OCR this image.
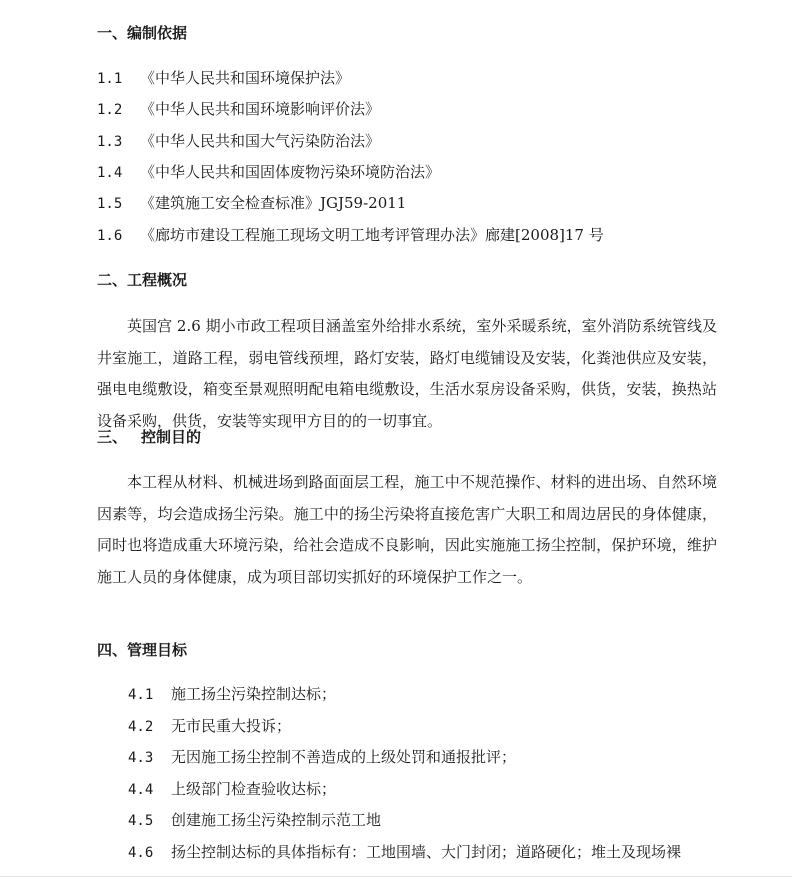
一、编制依据
1.1 《中华人民共和国环境保护法》
1.2 《中华人民共和国环境影响评价法》
1.3 《中华人民共和国大气污染防治法》
1.4 《中华人民共和国固体废物污染环境防治法》
1.5 《建筑施工安全检查标准》JGJ59-2011
1.6 《廊坊市建设工程施工现场文明工地考评管理办法》廊建[2008]17 号
二、工程概况

英国宫 2.6 期小市政工程项目涵盖室外给排水系统，室外采暖系统，室外消防系统管线及井室施工，道路工程，弱电管线预埋，路灯安装，路灯电缆铺设及安装，化粪池供应及安装，强电电缆敷设，箱变至景观照明配电箱电缆敷设，生活水泵房设备采购，供货，安装，换热站设备采购，供货，安装等实现甲方目的的一切事宜。

三、 控制目的

本工程从材料、机械进场到路面面层工程，施工中不规范操作、材料的进出场、自然环境因素等，均会造成扬尘污染。施工中的扬尘污染将直接危害广大职工和周边居民的身体健康，同时也将造成重大环境污染，给社会造成不良影响，因此实施施工扬尘控制，保护环境，维护施工人员的身体健康，成为项目部切实抓好的环境保护工作之一。

四、管理目标
4.1 施工扬尘污染控制达标；
4.2 无市民重大投诉；
4.3 无因施工扬尘控制不善造成的上级处罚和通报批评；
4.4 上级部门检查验收达标；
4.5 创建施工扬尘污染控制示范工地
4.6 扬尘控制达标的具体指标有：工地围墙、大门封闭；道路硬化；堆土及现场裸
